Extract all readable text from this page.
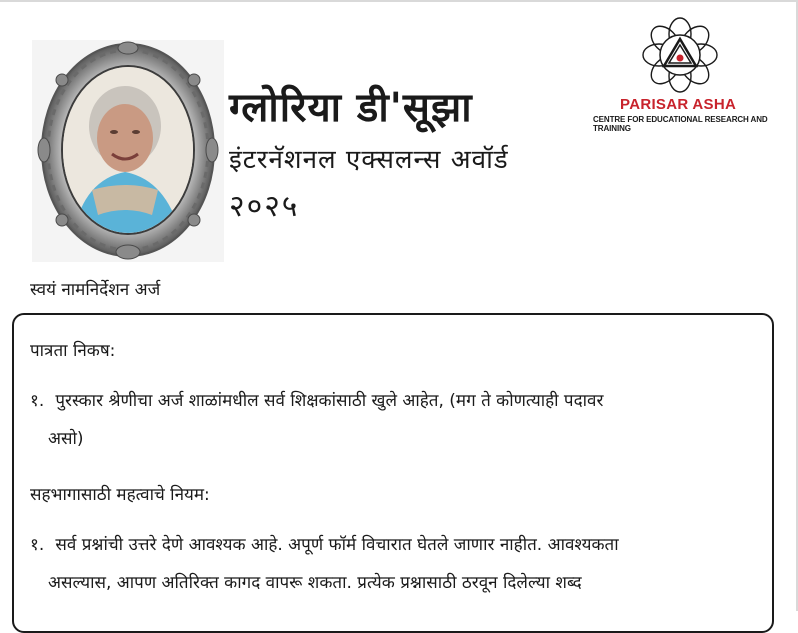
ग्लोरिया डी'सूझा
इंटरनॅशनल एक्सलन्स अवॉर्ड
२०२५
PARISAR ASHA
CENTRE FOR EDUCATIONAL RESEARCH AND TRAINING
स्वयं नामनिर्देशन अर्ज
पात्रता निकष:
१. पुरस्कार श्रेणीचा अर्ज शाळांमधील सर्व शिक्षकांसाठी खुले आहेत, (मग ते कोणत्याही पदावर
असो)
सहभागासाठी महत्वाचे नियम:
१. सर्व प्रश्नांची उत्तरे देणे आवश्यक आहे. अपूर्ण फॉर्म विचारात घेतले जाणार नाहीत. आवश्यकता
असल्यास, आपण अतिरिक्त कागद वापरू शकता. प्रत्येक प्रश्नासाठी ठरवून दिलेल्या शब्द
